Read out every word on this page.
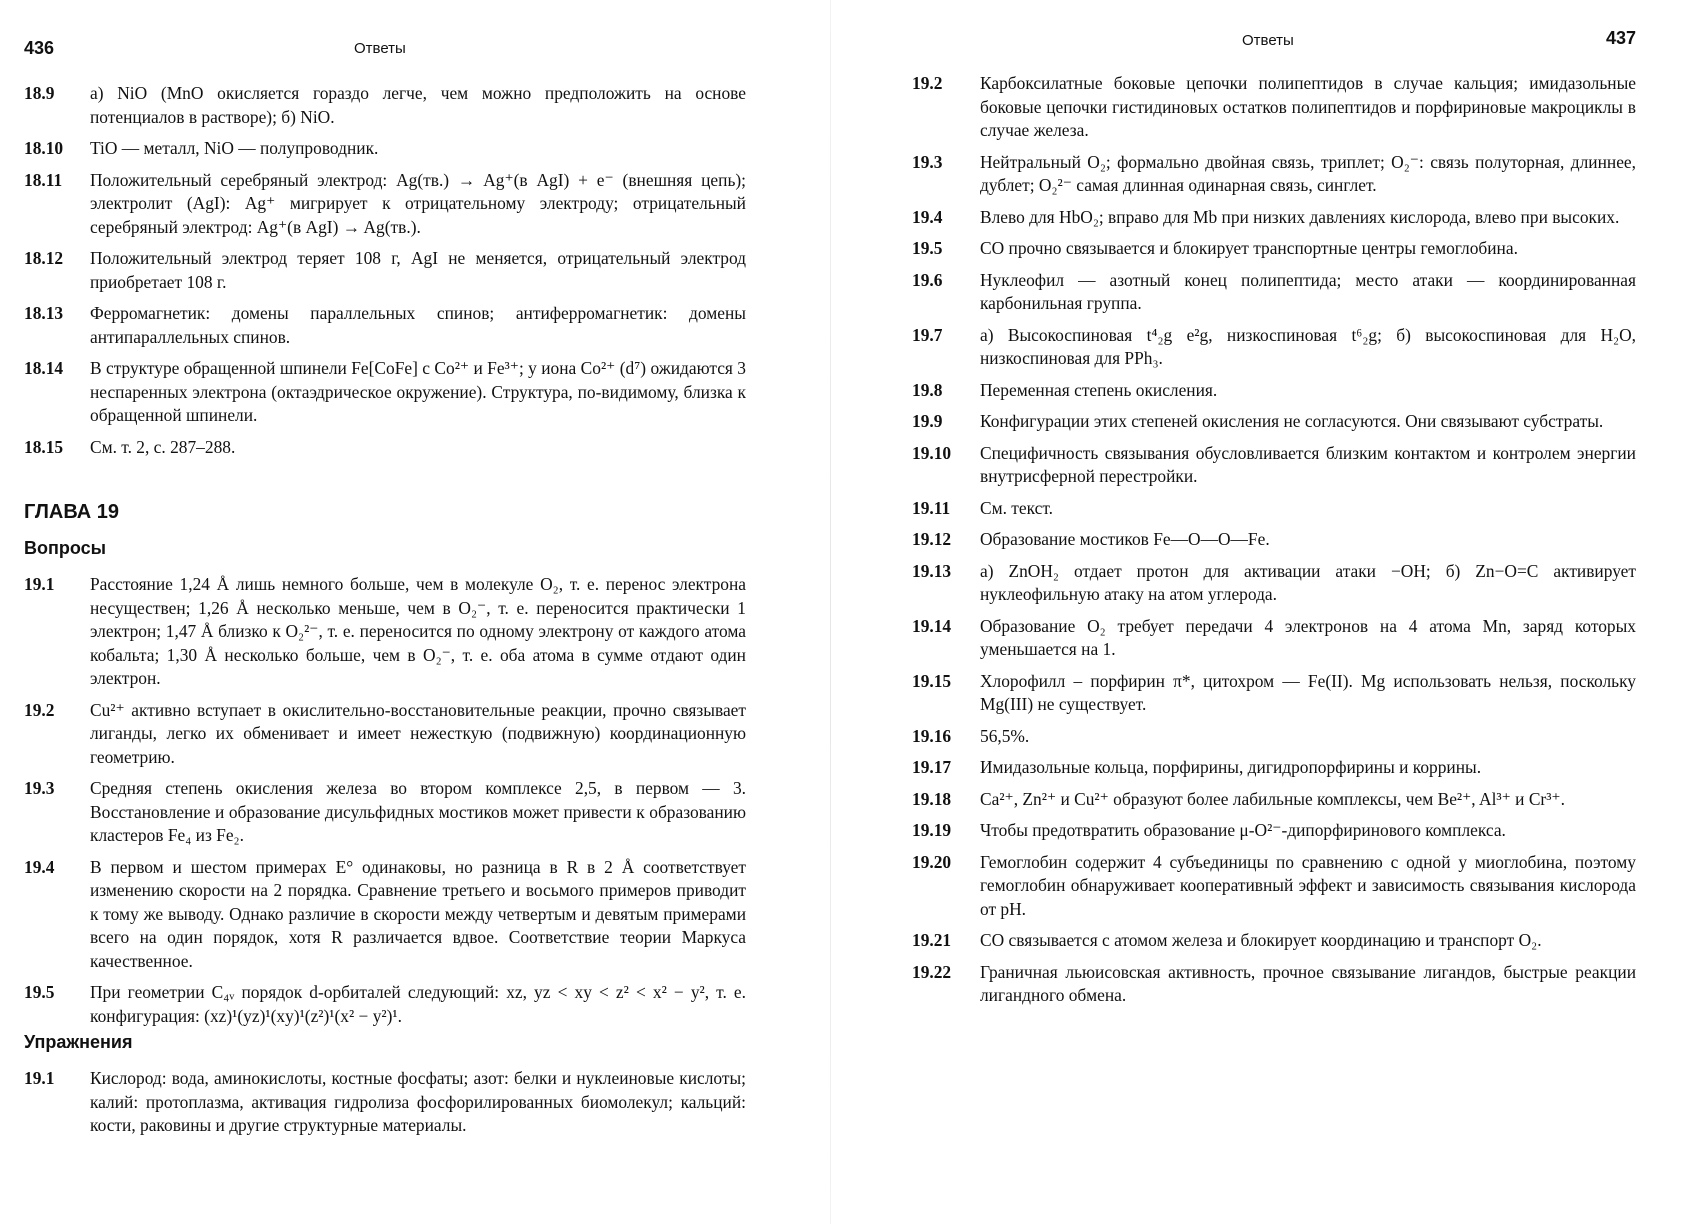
436	Ответы
18.9	а) NiO (MnO окисляется гораздо легче, чем можно предположить на основе потенциалов в растворе); б) NiO.
18.10	TiO — металл, NiO — полупроводник.
18.11	Положительный серебряный электрод: Ag(тв.) → Ag⁺(в AgI) + e⁻ (внешняя цепь); электролит (AgI): Ag⁺ мигрирует к отрицательному электроду; отрицательный серебряный электрод: Ag⁺(в AgI) → Ag(тв.).
18.12	Положительный электрод теряет 108 г, AgI не меняется, отрицательный электрод приобретает 108 г.
18.13	Ферромагнетик: домены параллельных спинов; антиферромагнетик: домены антипараллельных спинов.
18.14	В структуре обращенной шпинели Fe[CoFe] с Co²⁺ и Fe³⁺; у иона Co²⁺ (d⁷) ожидаются 3 неспаренных электрона (октаэдрическое окружение). Структура, по-видимому, близка к обращенной шпинели.
18.15	См. т. 2, с. 287–288.
ГЛАВА 19
Вопросы
19.1	Расстояние 1,24 Å лишь немного больше, чем в молекуле O₂, т. е. перенос электрона несуществен; 1,26 Å несколько меньше, чем в O₂⁻, т. е. переносится практически 1 электрон; 1,47 Å близко к O₂²⁻, т. е. переносится по одному электрону от каждого атома кобальта; 1,30 Å несколько больше, чем в O₂⁻, т. е. оба атома в сумме отдают один электрон.
19.2	Cu²⁺ активно вступает в окислительно-восстановительные реакции, прочно связывает лиганды, легко их обменивает и имеет нежесткую (подвижную) координационную геометрию.
19.3	Средняя степень окисления железа во втором комплексе 2,5, в первом — 3. Восстановление и образование дисульфидных мостиков может привести к образованию кластеров Fe₄ из Fe₂.
19.4	В первом и шестом примерах E° одинаковы, но разница в R в 2 Å соответствует изменению скорости на 2 порядка. Сравнение третьего и восьмого примеров приводит к тому же выводу. Однако различие в скорости между четвертым и девятым примерами всего на один порядок, хотя R различается вдвое. Соответствие теории Маркуса качественное.
19.5	При геометрии C₄ᵥ порядок d-орбиталей следующий: xz, yz < xy < z² < x² − y², т. е. конфигурация: (xz)¹(yz)¹(xy)¹(z²)¹(x² − y²)¹.
Упражнения
19.1	Кислород: вода, аминокислоты, костные фосфаты; азот: белки и нуклеиновые кислоты; калий: протоплазма, активация гидролиза фосфорилированных биомолекул; кальций: кости, раковины и другие структурные материалы.
Ответы	437
19.2	Карбоксилатные боковые цепочки полипептидов в случае кальция; имидазольные боковые цепочки гистидиновых остатков полипептидов и порфириновые макроциклы в случае железа.
19.3	Нейтральный O₂; формально двойная связь, триплет; O₂⁻: связь полуторная, длиннее, дублет; O₂²⁻ самая длинная одинарная связь, синглет.
19.4	Влево для HbO₂; вправо для Mb при низких давлениях кислорода, влево при высоких.
19.5	CO прочно связывается и блокирует транспортные центры гемоглобина.
19.6	Нуклеофил — азотный конец полипептида; место атаки — координированная карбонильная группа.
19.7	а) Высокоспиновая t⁴₂g e²g, низкоспиновая t⁶₂g; б) высокоспиновая для H₂O, низкоспиновая для PPh₃.
19.8	Переменная степень окисления.
19.9	Конфигурации этих степеней окисления не согласуются. Они связывают субстраты.
19.10	Специфичность связывания обусловливается близким контактом и контролем энергии внутрисферной перестройки.
19.11	См. текст.
19.12	Образование мостиков Fe—O—O—Fe.
19.13	а) ZnOH₂ отдает протон для активации атаки −OH; б) Zn−O=C активирует нуклеофильную атаку на атом углерода.
19.14	Образование O₂ требует передачи 4 электронов на 4 атома Mn, заряд которых уменьшается на 1.
19.15	Хлорофилл – порфирин π*, цитохром — Fe(II). Mg использовать нельзя, поскольку Mg(III) не существует.
19.16	56,5%.
19.17	Имидазольные кольца, порфирины, дигидропорфирины и коррины.
19.18	Ca²⁺, Zn²⁺ и Cu²⁺ образуют более лабильные комплексы, чем Be²⁺, Al³⁺ и Cr³⁺.
19.19	Чтобы предотвратить образование μ-O²⁻-дипорфиринового комплекса.
19.20	Гемоглобин содержит 4 субъединицы по сравнению с одной у миоглобина, поэтому гемоглобин обнаруживает кооперативный эффект и зависимость связывания кислорода от pH.
19.21	CO связывается с атомом железа и блокирует координацию и транспорт O₂.
19.22	Граничная льюисовская активность, прочное связывание лигандов, быстрые реакции лигандного обмена.
